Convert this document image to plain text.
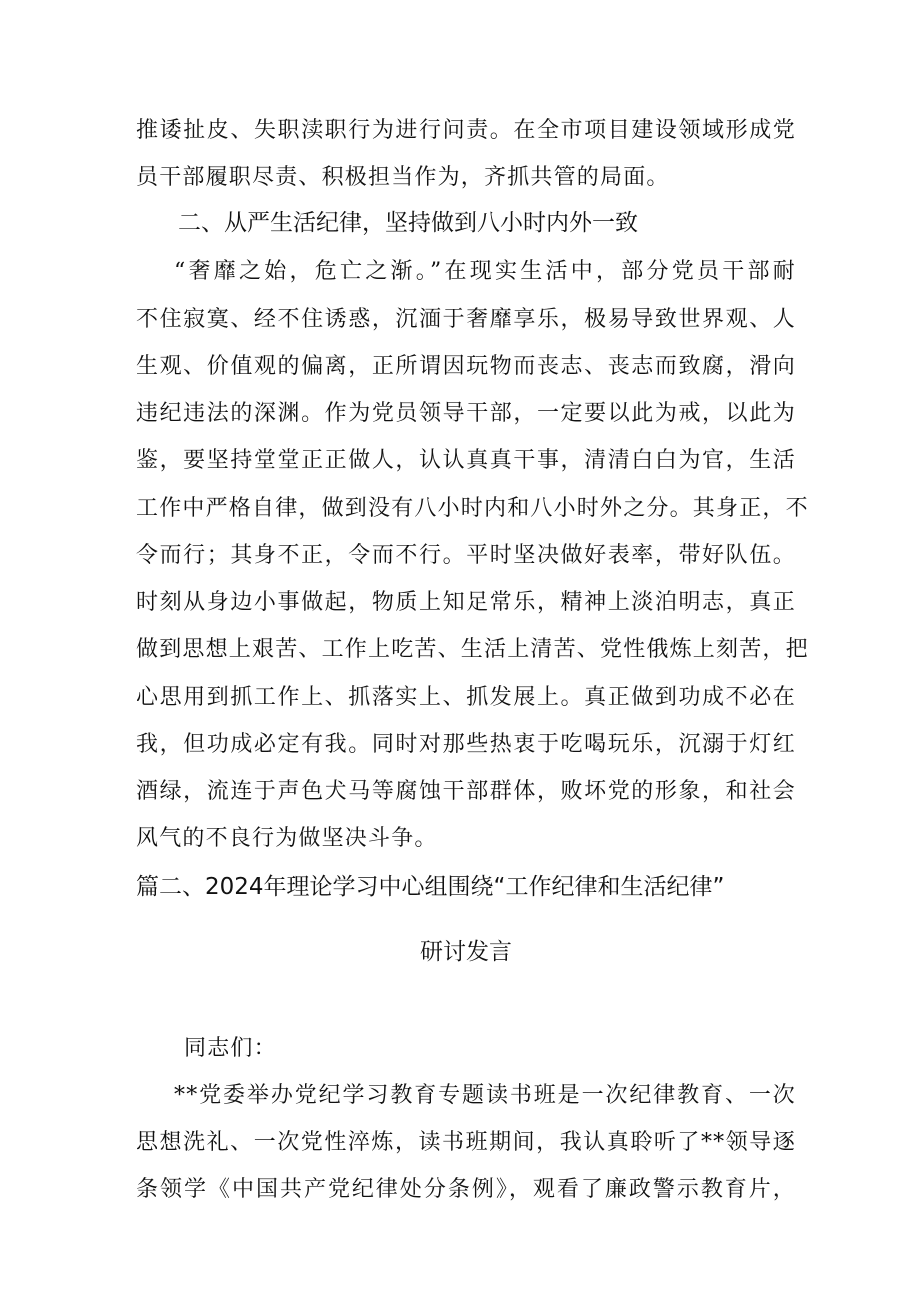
推诿扯皮、失职渎职行为进行问责。在全市项目建设领域形成党
员干部履职尽责、积极担当作为，齐抓共管的局面。
二、从严生活纪律，坚持做到八小时内外一致
“奢靡之始，危亡之渐。”在现实生活中，部分党员干部耐
不住寂寞、经不住诱惑，沉湎于奢靡享乐，极易导致世界观、人
生观、价值观的偏离，正所谓因玩物而丧志、丧志而致腐，滑向
违纪违法的深渊。作为党员领导干部，一定要以此为戒，以此为
鉴，要坚持堂堂正正做人，认认真真干事，清清白白为官，生活
工作中严格自律，做到没有八小时内和八小时外之分。其身正，不
令而行；其身不正，令而不行。平时坚决做好表率，带好队伍。
时刻从身边小事做起，物质上知足常乐，精神上淡泊明志，真正
做到思想上艰苦、工作上吃苦、生活上清苦、党性俄炼上刻苦，把
心思用到抓工作上、抓落实上、抓发展上。真正做到功成不必在
我，但功成必定有我。同时对那些热衷于吃喝玩乐，沉溺于灯红
酒绿，流连于声色犬马等腐蚀干部群体，败坏党的形象，和社会
风气的不良行为做坚决斗争。
篇二、2024年理论学习中心组围绕“工作纪律和生活纪律”
研讨发言
同志们：
**党委举办党纪学习教育专题读书班是一次纪律教育、一次
思想洗礼、一次党性淬炼，读书班期间，我认真聆听了**领导逐
条领学《中国共产党纪律处分条例》，观看了廉政警示教育片，
